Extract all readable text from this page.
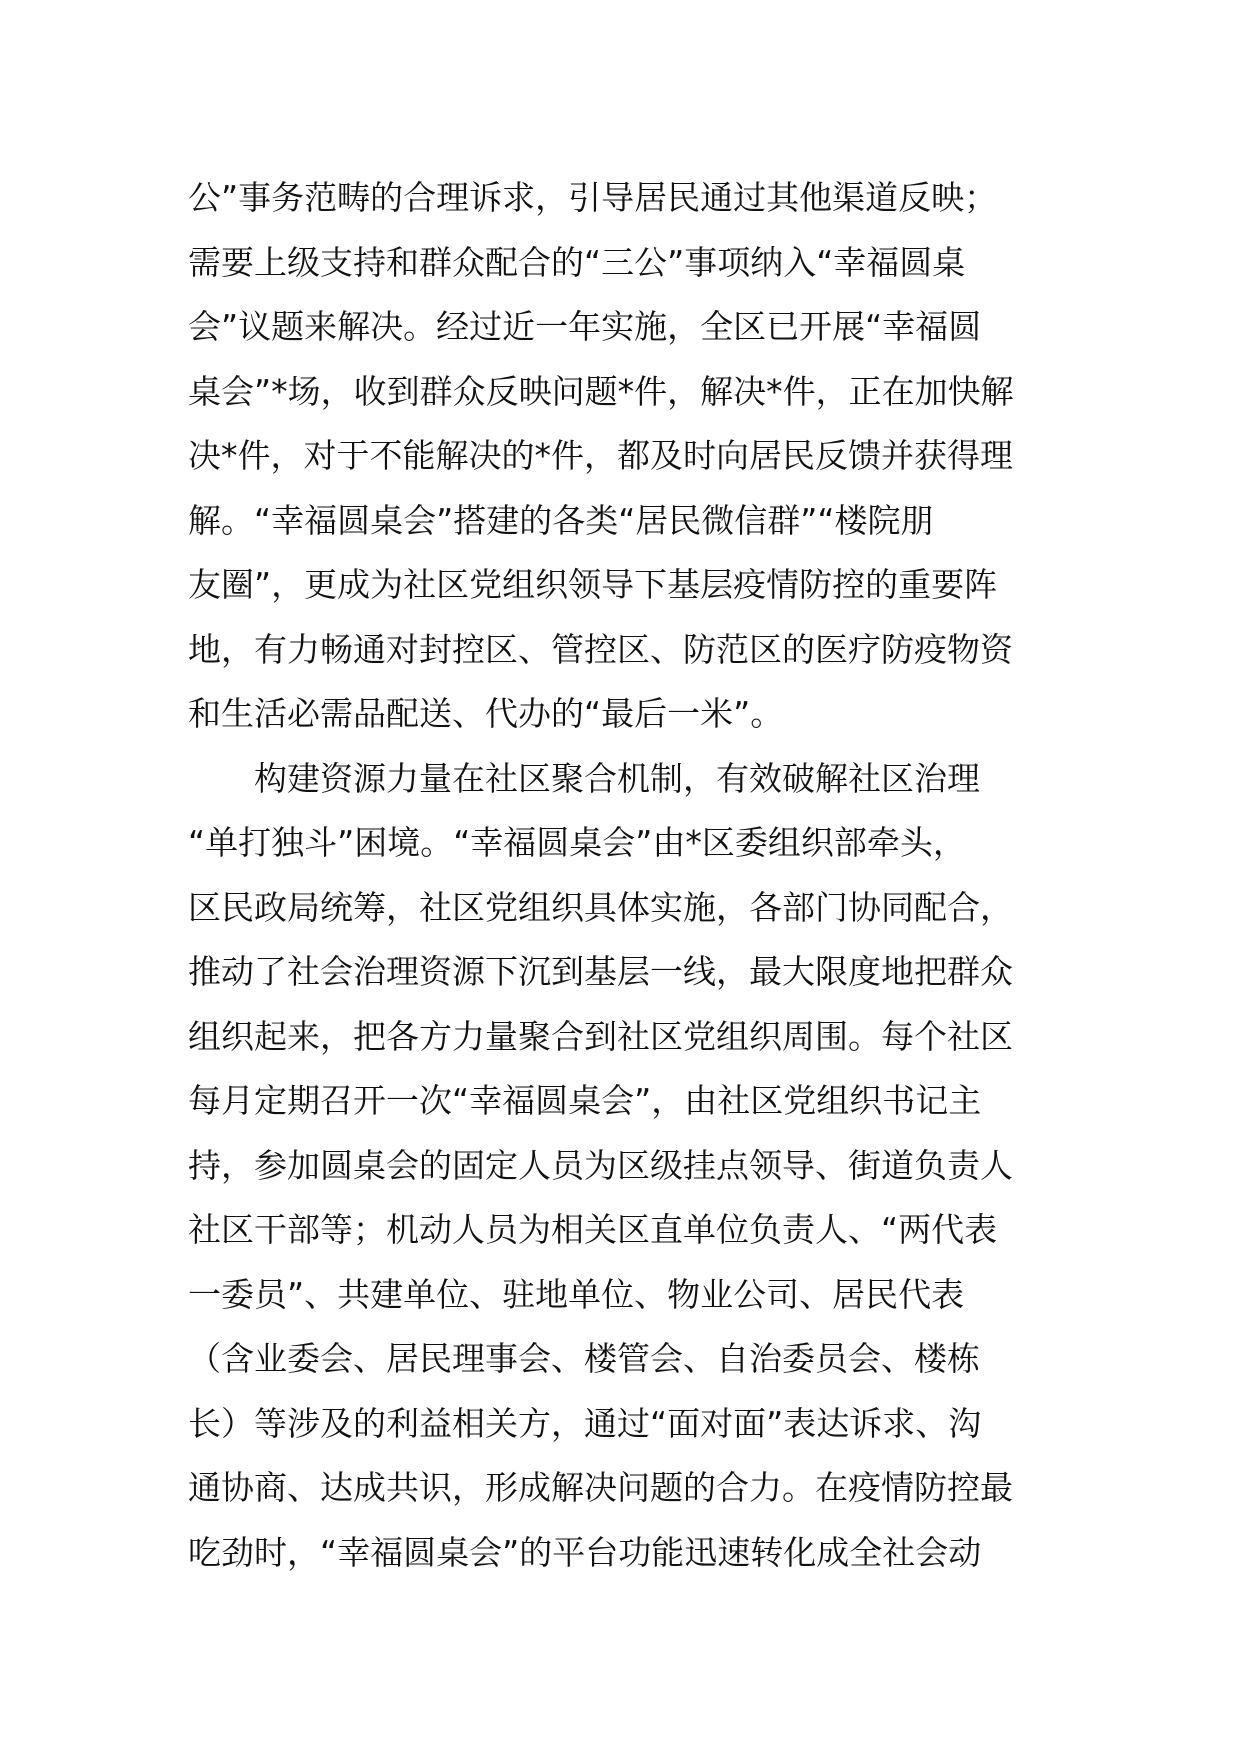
公”事务范畴的合理诉求，引导居民通过其他渠道反映；
需要上级支持和群众配合的“三公”事项纳入“幸福圆桌
会”议题来解决。经过近一年实施，全区已开展“幸福圆
桌会”*场，收到群众反映问题*件，解决*件，正在加快解
决*件，对于不能解决的*件，都及时向居民反馈并获得理
解。“幸福圆桌会”搭建的各类“居民微信群”“楼院朋
友圈”，更成为社区党组织领导下基层疫情防控的重要阵
地，有力畅通对封控区、管控区、防范区的医疗防疫物资
和生活必需品配送、代办的“最后一米”。
　　构建资源力量在社区聚合机制，有效破解社区治理
“单打独斗”困境。“幸福圆桌会”由*区委组织部牵头，
区民政局统筹，社区党组织具体实施，各部门协同配合，
推动了社会治理资源下沉到基层一线，最大限度地把群众
组织起来，把各方力量聚合到社区党组织周围。每个社区
每月定期召开一次“幸福圆桌会”，由社区党组织书记主
持，参加圆桌会的固定人员为区级挂点领导、街道负责人
社区干部等；机动人员为相关区直单位负责人、“两代表
一委员”、共建单位、驻地单位、物业公司、居民代表
（含业委会、居民理事会、楼管会、自治委员会、楼栋
长）等涉及的利益相关方，通过“面对面”表达诉求、沟
通协商、达成共识，形成解决问题的合力。在疫情防控最
吃劲时，“幸福圆桌会”的平台功能迅速转化成全社会动
